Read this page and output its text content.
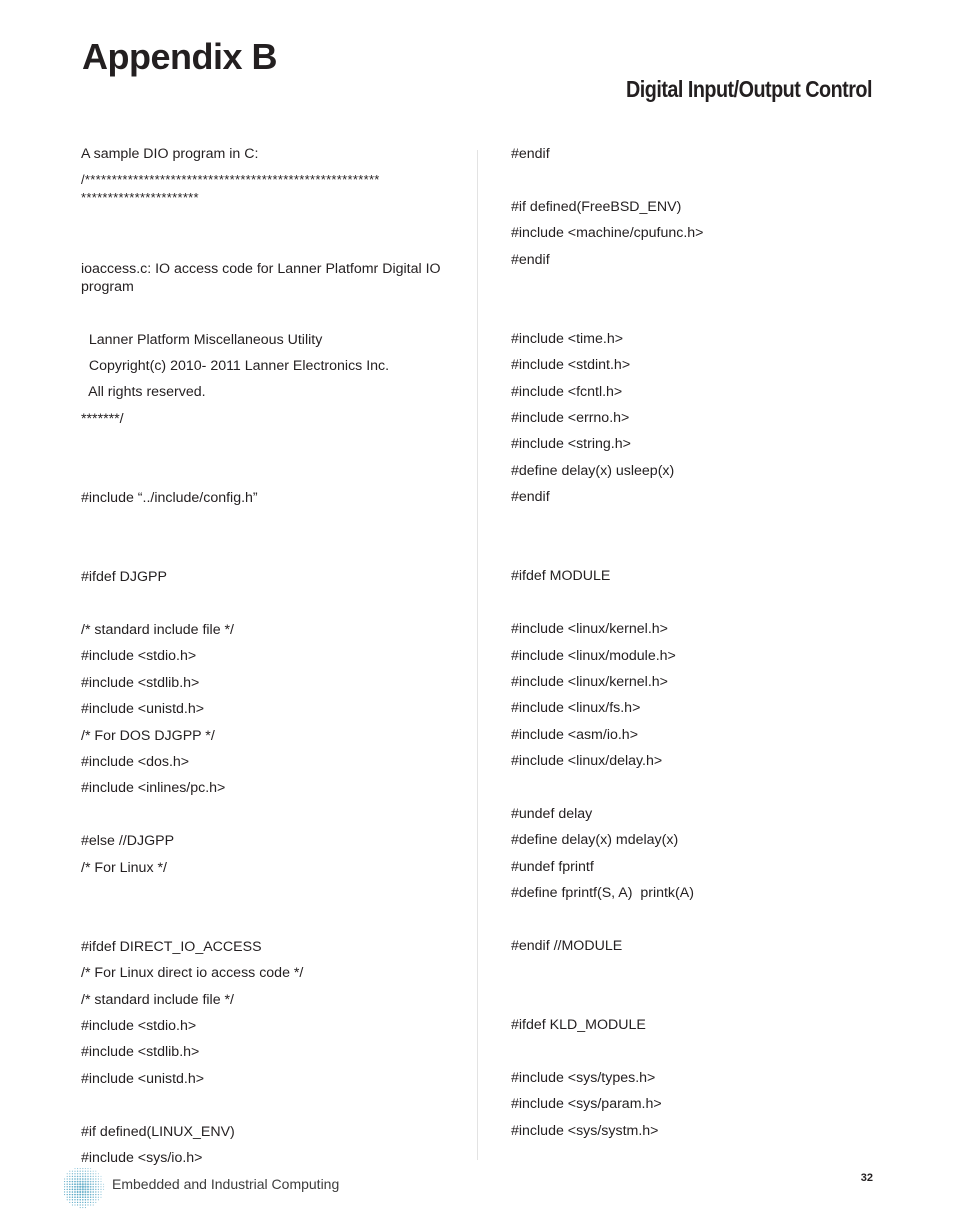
Appendix B
Digital Input/Output Control
A sample DIO program in C:
/*******************************************************
**********************
ioaccess.c: IO access code for Lanner Platfomr Digital IO program
Lanner Platform Miscellaneous Utility
Copyright(c) 2010- 2011 Lanner Electronics Inc.
All rights reserved.
*******/
#include “../include/config.h”
#ifdef DJGPP
/* standard include file */
#include <stdio.h>
#include <stdlib.h>
#include <unistd.h>
/* For DOS DJGPP */
#include <dos.h>
#include <inlines/pc.h>
#else //DJGPP
/* For Linux */
#ifdef DIRECT_IO_ACCESS
/* For Linux direct io access code */
/* standard include file */
#include <stdio.h>
#include <stdlib.h>
#include <unistd.h>
#if defined(LINUX_ENV)
#include <sys/io.h>
#endif
#if defined(FreeBSD_ENV)
#include <machine/cpufunc.h>
#endif
#include <time.h>
#include <stdint.h>
#include <fcntl.h>
#include <errno.h>
#include <string.h>
#define delay(x) usleep(x)
#endif
#ifdef MODULE
#include <linux/kernel.h>
#include <linux/module.h>
#include <linux/kernel.h>
#include <linux/fs.h>
#include <asm/io.h>
#include <linux/delay.h>
#undef delay
#define delay(x) mdelay(x)
#undef fprintf
#define fprintf(S, A)  printk(A)
#endif //MODULE
#ifdef KLD_MODULE
#include <sys/types.h>
#include <sys/param.h>
#include <sys/systm.h>
Embedded and Industrial Computing	32
